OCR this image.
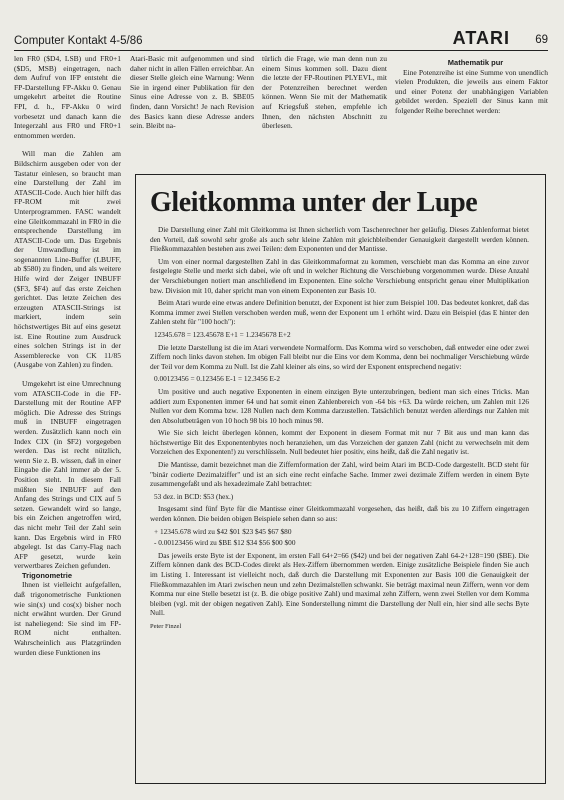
Computer Kontakt 4-5/86	ATARI 69

len FR0 ($D4, LSB) und FR0+1 ($D5, MSB) eingetragen, nach dem Aufruf von IFP entsteht die FP-Darstellung FP-Akku 0. Genau umgekehrt arbeitet die Routine FPI, d. h., FP-Akku 0 wird vorbesetzt und danach kann die Integerzahl aus FR0 und FR0+1 entnommen werden.

Will man die Zahlen am Bildschirm ausgeben oder von der Tastatur einlesen, so braucht man eine Darstellung der Zahl im ATASCII-Code. Auch hier hilft das FP-ROM mit zwei Unterprogrammen. FASC wandelt eine Gleitkommazahl in FR0 in die entsprechende Darstellung im ATASCII-Code um. Das Ergebnis der Umwandlung ist im sogenannten Line-Buffer (LBUFF, ab $580) zu finden, und als weitere Hilfe wird der Zeiger INBUFF ($F3, $F4) auf das erste Zeichen gerichtet. Das letzte Zeichen des erzeugten ATASCII-Strings ist markiert, indem sein höchstwertiges Bit auf eins gesetzt ist. Eine Routine zum Ausdruck eines solchen Strings ist in der Assemblerecke von CK 11/85 (Ausgabe von Zahlen) zu finden.

Umgekehrt ist eine Umrechnung vom ATASCII-Code in die FP-Darstellung mit der Routine AFP möglich. Die Adresse des Strings muß in INBUFF eingetragen werden. Zusätzlich kann noch ein Index CIX (in $F2) vorgegeben werden. Das ist recht nützlich, wenn Sie z. B. wissen, daß in einer Eingabe die Zahl immer ab der 5. Position steht. In diesem Fall müßten Sie INBUFF auf den Anfang des Strings und CIX auf 5 setzen. Gewandelt wird so lange, bis ein Zeichen angetroffen wird, das nicht mehr Teil der Zahl sein kann. Das Ergebnis wird in FR0 abgelegt. Ist das Carry-Flag nach AFP gesetzt, wurde kein verwertbares Zeichen gefunden.

Trigonometrie

Ihnen ist vielleicht aufgefallen, daß trigonometrische Funktionen wie sin(x) und cos(x) bisher noch nicht erwähnt wurden. Der Grund ist naheliegend: Sie sind im FP-ROM nicht enthalten. Wahrscheinlich aus Platzgründen wurden diese Funktionen ins

Atari-Basic mit aufgenommen und sind daher nicht in allen Fällen erreichbar. An dieser Stelle gleich eine Warnung: Wenn Sie in irgend einer Publikation für den Sinus eine Adresse von z. B. $BE05 finden, dann Vorsicht! Je nach Revision des Basics kann diese Adresse anders sein. Bleibt na-

türlich die Frage, wie man denn nun zu einem Sinus kommen soll. Dazu dient die letzte der FP-Routinen PLYEVL, mit der Potenzreihen berechnet werden können. Wenn Sie mit der Mathematik auf Kriegsfuß stehen, empfehle ich Ihnen, den nächsten Abschnitt zu überlesen.

Mathematik pur

Eine Potenzreihe ist eine Summe von unendlich vielen Produkten, die jeweils aus einem Faktor und einer Potenz der unabhängigen Variablen gebildet werden. Speziell der Sinus kann mit folgender Reihe berechnet werden:

Gleitkomma unter der Lupe

Die Darstellung einer Zahl mit Gleitkomma ist Ihnen sicherlich vom Taschenrechner her geläufig. Dieses Zahlenformat bietet den Vorteil, daß sowohl sehr große als auch sehr kleine Zahlen mit gleichbleibender Genauigkeit dargestellt werden können. Fließkommazahlen bestehen aus zwei Teilen: dem Exponenten und der Mantisse.

Um von einer normal dargestellten Zahl in das Gleitkommaformat zu kommen, verschiebt man das Komma an eine zuvor festgelegte Stelle und merkt sich dabei, wie oft und in welcher Richtung die Verschiebung vorgenommen wurde. Diese Anzahl der Verschiebungen notiert man anschließend im Exponenten. Eine solche Verschiebung entspricht genau einer Multiplikation bzw. Division mit 10, daher spricht man von einem Exponenten zur Basis 10.

Beim Atari wurde eine etwas andere Definition benutzt, der Exponent ist hier zum Beispiel 100. Das bedeutet konkret, daß das Komma immer zwei Stellen verschoben werden muß, wenn der Exponent um 1 erhöht wird. Dazu ein Beispiel (das E hinter den Zahlen steht für "100 hoch"):

12345.678 = 123.45678 E+1 = 1.2345678 E+2

Die letzte Darstellung ist die im Atari verwendete Normalform. Das Komma wird so verschoben, daß entweder eine oder zwei Ziffern noch links davon stehen. Im obigen Fall bleibt nur die Eins vor dem Komma, denn bei nochmaliger Verschiebung würde der Teil vor dem Komma zu Null. Ist die Zahl kleiner als eins, so wird der Exponent entsprechend negativ:

0.00123456 = 0.123456 E-1 = 12.3456 E-2

Um positive und auch negative Exponenten in einem einzigen Byte unterzubringen, bedient man sich eines Tricks. Man addiert zum Exponenten immer 64 und hat somit einen Zahlenbereich von -64 bis +63. Da würde reichen, um Zahlen mit 126 Nullen vor dem Komma bzw. 128 Nullen nach dem Komma darzustellen. Tatsächlich benutzt werden allerdings nur Zahlen mit den Absolutbeträgen von 10 hoch 98 bis 10 hoch minus 98.

Wie Sie sich leicht überlegen können, kommt der Exponent in diesem Format mit nur 7 Bit aus und man kann das höchstwertige Bit des Exponentenbytes noch heranziehen, um das Vorzeichen der ganzen Zahl (nicht zu verwechseln mit dem Vorzeichen des Exponenten!) zu verschlüsseln. Null bedeutet hier positiv, eins heißt, daß die Zahl negativ ist.

Die Mantisse, damit bezeichnet man die Ziffernformation der Zahl, wird beim Atari im BCD-Code dargestellt. BCD steht für "binär codierte Dezimalziffer" und ist an sich eine recht einfache Sache. Immer zwei dezimale Ziffern werden in einem Byte zusammengefaßt und als hexadezimale Zahl betrachtet:

53 dez. in BCD: $53 (hex.)

Insgesamt sind fünf Byte für die Mantisse einer Gleitkommazahl vorgesehen, das heißt, daß bis zu 10 Ziffern eingetragen werden können. Die beiden obigen Beispiele sehen dann so aus:

+ 12345.678 wird zu $42 $01 $23 $45 $67 $80

- 0.00123456 wird zu $BE $12 $34 $56 $00 $00

Das jeweils erste Byte ist der Exponent, im ersten Fall 64+2=66 ($42) und bei der negativen Zahl 64-2+128=190 ($BE). Die Ziffern können dank des BCD-Codes direkt als Hex-Ziffern übernommen werden. Einige zusätzliche Beispiele finden Sie auch im Listing 1. Interessant ist vielleicht noch, daß durch die Darstellung mit Exponenten zur Basis 100 die Genauigkeit der Fließkommazahlen im Atari zwischen neun und zehn Dezimalstellen schwankt. Sie beträgt maximal neun Ziffern, wenn vor dem Komma nur eine Stelle besetzt ist (z. B. die obige positive Zahl) und maximal zehn Ziffern, wenn zwei Stellen vor dem Komma bleiben (vgl. mit der obigen negativen Zahl). Eine Sonderstellung nimmt die Darstellung der Null ein, hier sind alle sechs Byte Null.

Peter Finzel
